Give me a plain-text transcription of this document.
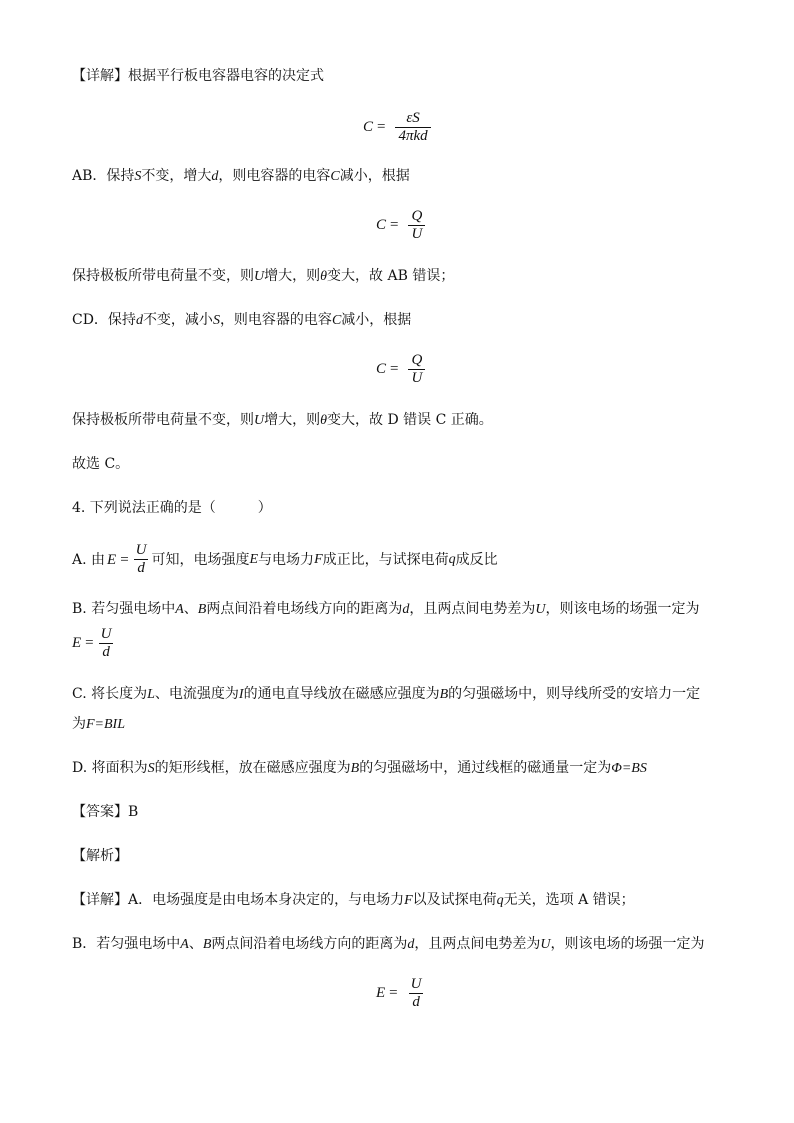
【详解】根据平行板电容器电容的决定式
$C = \frac{\varepsilon S}{\text{4πkd}}$
AB．保持S不变，增大d，则电容器的电容C减小，根据
$C = \frac{Q}{U}$
保持极板所带电荷量不变，则U增大，则θ变大，故 AB 错误；
CD．保持d不变，减小S，则电容器的电容C减小，根据
$C = \frac{Q}{U}$
保持极板所带电荷量不变，则U增大，则θ变大，故 D 错误 C 正确。
故选 C。
4. 下列说法正确的是（　　　）
A. 由 $E = \frac{U}{d}$ 可知，电场强度 E 与电场力 F 成正比，与试探电荷 q 成反比
B. 若匀强电场中A、B两点间沿着电场线方向的距离为d，且两点间电势差为U，则该电场的场强一定为
$E = \frac{U}{d}$
C. 将长度为L、电流强度为I的通电直导线放在磁感应强度为B的匀强磁场中，则导线所受的安培力一定
为F=BIL
D. 将面积为S的矩形线框，放在磁感应强度为B的匀强磁场中，通过线框的磁通量一定为Φ=BS
【答案】B
【解析】
【详解】A．电场强度是由电场本身决定的，与电场力F以及试探电荷q无关，选项 A 错误；
B．若匀强电场中A、B两点间沿着电场线方向的距离为d，且两点间电势差为U，则该电场的场强一定为
$E = \frac{U}{d}$
